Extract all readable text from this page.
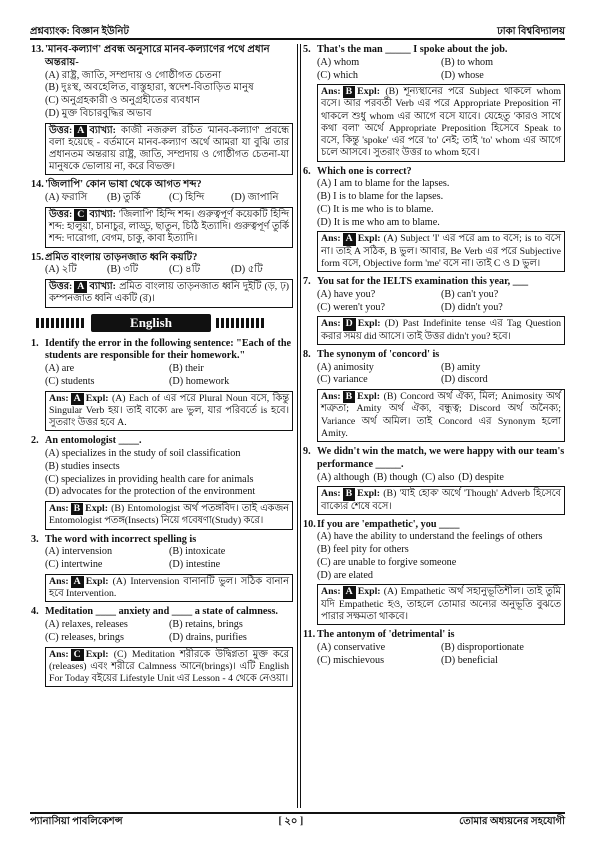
প্রশ্নব্যাংক: বিজ্ঞান ইউনিট	ঢাকা বিশ্ববিদ্যালয়
13. 'মানব-কল্যাণ' প্রবন্ধ অনুসারে মানব-কল্যাণের পথে প্রধান অন্তরায়-
(A) রাষ্ট্র, জাতি, সম্প্রদায় ও গোষ্ঠীগত চেতনা
(B) দুঃস্থ, অবহেলিত, বাস্তুহারা, স্বদেশ-বিতাড়িত মানুষ
(C) অনুগ্রহকারী ও অনুগ্রহীতের ব্যবধান
(D) মুক্ত বিচারবুদ্ধির অভাব
উত্তর: A ব্যাখ্যা: কাজী নজরুল রচিত 'মানব-কল্যাণ' প্রবন্ধে বলা হয়েছে - বর্তমানে মানব-কল্যাণ অর্থে আমরা যা বুঝি তার প্রধানতম অন্তরায় রাষ্ট্র, জাতি, সম্প্রদায় ও গোষ্ঠীগত চেতনা-যা মানুষকে ভোলায় না, করে বিভক্ত।
14. 'জিলাপি' কোন ভাষা থেকে আগত শব্দ?
(A) ফরাসি	(B) তুর্কি	(C) হিন্দি	(D) জাপানি
উত্তর: C ব্যাখ্যা: 'জিলাপি' হিন্দি শব্দ। গুরুত্বপূর্ণ কয়েকটি হিন্দি শব্দ: হালুয়া, চানাচুর, লাড্ডু, ছাতুন, চিঠি ইত্যাদি। গুরুত্বপূর্ণ তুর্কি শব্দ: দারোগা, বেগম, চাকু, কাবা ইত্যাদি।
15. প্রমিত বাংলায় তাড়নজাত ধ্বনি কয়টি?
(A) ২টি	(B) ৩টি	(C) ৪টি	(D) ৫টি
উত্তর: A ব্যাখ্যা: প্রমিত বাংলায় তাড়নজাত ধ্বনি দুইটি (ড়, ঢ়) কম্পনজাত ধ্বনি একটি (র)।
English
1. Identify the error in the following sentence: "Each of the students are responsible for their homework."
(A) are	(B) their
(C) students	(D) homework
Ans: A Expl: (A) Each of এর পরে Plural Noun বসে, কিন্তু Singular Verb হয়। তাই বাক্যে are ভুল, যার পরিবর্তে is হবে। সুতরাং উত্তর হবে A.
2. An entomologist ____.
(A) specializes in the study of soil classification
(B) studies insects
(C) specializes in providing health care for animals
(D) advocates for the protection of the environment
Ans: B Expl: (B) Entomologist অর্থ পতঙ্গবিদ। তাই একজন Entomologist পতঙ্গ(Insects) নিয়ে গবেষণা(Study) করে।
3. The word with incorrect spelling is
(A) intervension	(B) intoxicate
(C) intertwine	(D) intestine
Ans: A Expl: (A) Intervension বানানটি ভুল। সঠিক বানান হবে Intervention.
4. Meditation ____ anxiety and ____ a state of calmness.
(A) relaxes, releases	(B) retains, brings
(C) releases, brings	(D) drains, purifies
Ans: C Expl: (C) Meditation শরীরকে উদ্বিগ্নতা মুক্ত করে (releases) এবং শরীরে Calmness আনে(brings)। এটি English For Today বইয়ের Lifestyle Unit এর Lesson - 4 থেকে নেওয়া।
5. That's the man _____ I spoke about the job.
(A) whom	(B) to whom
(C) which	(D) whose
Ans: B Expl: (B) শূন্যস্থানের পরে Subject থাকলে whom বসে। আর পরবর্তী Verb এর পরে Appropriate Preposition না থাকলে শুধু whom এর আগে বসে যাবে। যেহেতু 'কারও সাথে কথা বলা' অর্থে Appropriate Preposition হিসেবে Speak to বসে, কিন্তু 'spoke' এর পরে 'to' নেই; তাই 'to' whom এর আগে চলে আসবে। সুতরাং উত্তর to whom হবে।
6. Which one is correct?
(A) I am to blame for the lapses.
(B) I is to blame for the lapses.
(C) It is me who is to blame.
(D) It is me who am to blame.
Ans: A Expl: (A) Subject 'I' এর পরে am to বসে; is to বসে না। তাই A সঠিক, B ভুল। আবার, Be Verb এর পরে Subjective form বসে, Objective form 'me' বসে না। তাই C ও D ভুল।
7. You sat for the IELTS examination this year, ___
(A) have you?	(B) can't you?
(C) weren't you?	(D) didn't you?
Ans: D Expl: (D) Past Indefinite tense এর Tag Question করার সময় did আসে। তাই উত্তর didn't you? হবে।
8. The synonym of 'concord' is
(A) animosity	(B) amity
(C) variance	(D) discord
Ans: B Expl: (B) Concord অর্থ ঐক্য, মিল; Animosity অর্থ শত্রুতা; Amity অর্থ ঐক্য, বন্ধুত্ব; Discord অর্থ অনৈক্য; Variance অর্থ অমিল। তাই Concord এর Synonym হলো Amity.
9. We didn't win the match, we were happy with our team's performance _____.
(A) although (B) though (C) also (D) despite
Ans: B Expl: (B) 'যাই হোক' অর্থে 'Though' Adverb হিসেবে বাক্যের শেষে বসে।
10. If you are 'empathetic', you ____
(A) have the ability to understand the feelings of others
(B) feel pity for others
(C) are unable to forgive someone
(D) are elated
Ans: A Expl: (A) Empathetic অর্থ সহানুভূতিশীল। তাই তুমি যদি Empathetic হও, তাহলে তোমার অন্যের অনুভূতি বুঝতে পারার সক্ষমতা থাকবে।
11. The antonym of 'detrimental' is
(A) conservative	(B) disproportionate
(C) mischievous	(D) beneficial
প্যানাসিয়া পাবলিকেশন্স	[ ২০ ]	তোমার অধ্যয়নের সহযোগী
